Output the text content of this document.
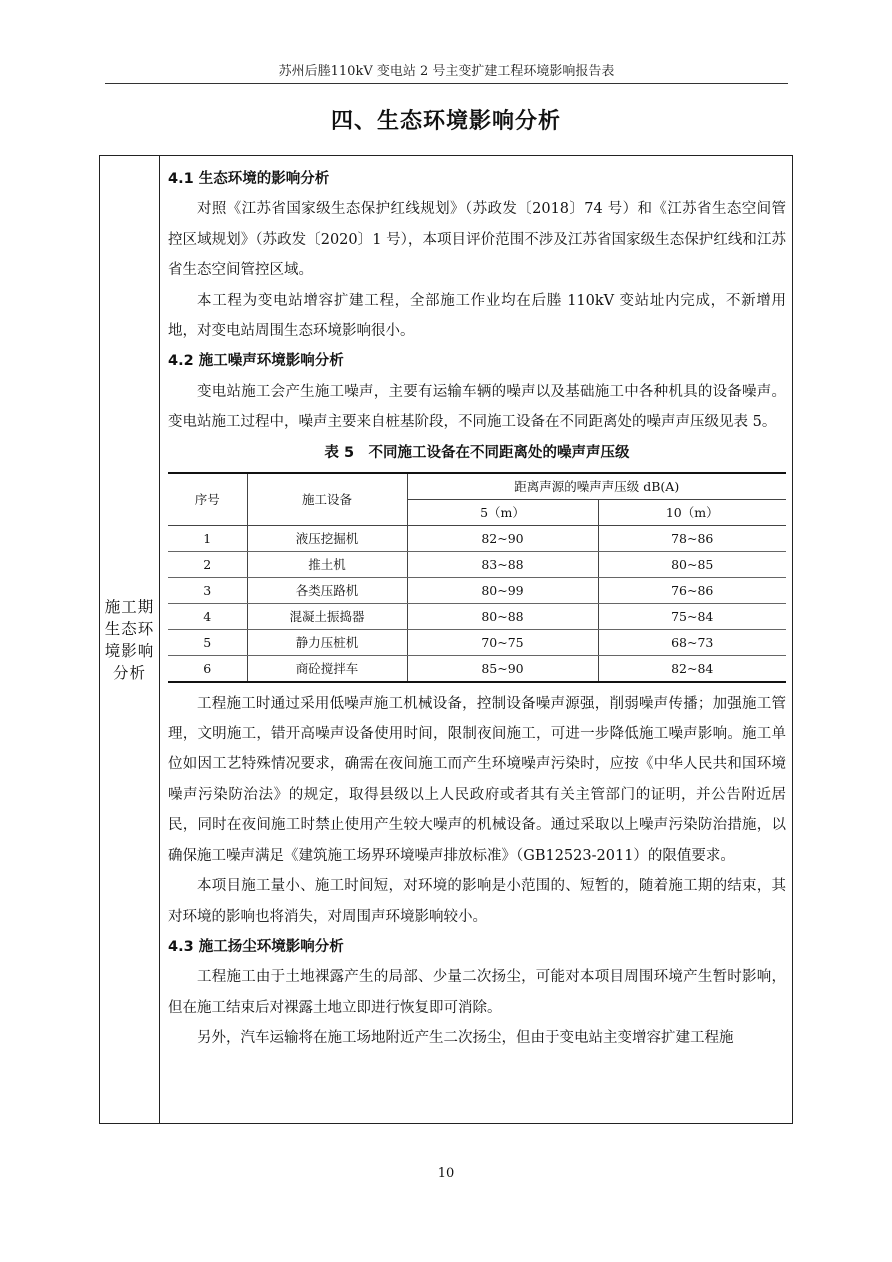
苏州后塍110kV 变电站 2 号主变扩建工程环境影响报告表
四、生态环境影响分析
施工期生态环境影响分析
4.1 生态环境的影响分析

对照《江苏省国家级生态保护红线规划》（苏政发〔2018〕74 号）和《江苏省生态空间管控区域规划》（苏政发〔2020〕1 号），本项目评价范围不涉及江苏省国家级生态保护红线和江苏省生态空间管控区域。

本工程为变电站增容扩建工程，全部施工作业均在后塍 110kV 变站址内完成，不新增用地，对变电站周围生态环境影响很小。

4.2 施工噪声环境影响分析

变电站施工会产生施工噪声，主要有运输车辆的噪声以及基础施工中各种机具的设备噪声。变电站施工过程中，噪声主要来自桩基阶段，不同施工设备在不同距离处的噪声声压级见表 5。

表 5　不同施工设备在不同距离处的噪声声压级

序号	施工设备	距离声源的噪声声压级 dB(A)	
		5（m）	10（m）
1	液压挖掘机	82~90	78~86
2	推土机	83~88	80~85
3	各类压路机	80~99	76~86
4	混凝土振捣器	80~88	75~84
5	静力压桩机	70~75	68~73
6	商砼搅拌车	85~90	82~84

工程施工时通过采用低噪声施工机械设备，控制设备噪声源强，削弱噪声传播；加强施工管理，文明施工，错开高噪声设备使用时间，限制夜间施工，可进一步降低施工噪声影响。施工单位如因工艺特殊情况要求，确需在夜间施工而产生环境噪声污染时，应按《中华人民共和国环境噪声污染防治法》的规定，取得县级以上人民政府或者其有关主管部门的证明，并公告附近居民，同时在夜间施工时禁止使用产生较大噪声的机械设备。通过采取以上噪声污染防治措施，以确保施工噪声满足《建筑施工场界环境噪声排放标准》（GB12523-2011）的限值要求。

本项目施工量小、施工时间短，对环境的影响是小范围的、短暂的，随着施工期的结束，其对环境的影响也将消失，对周围声环境影响较小。

4.3 施工扬尘环境影响分析

工程施工由于土地裸露产生的局部、少量二次扬尘，可能对本项目周围环境产生暂时影响，但在施工结束后对裸露土地立即进行恢复即可消除。

另外，汽车运输将在施工场地附近产生二次扬尘，但由于变电站主变增容扩建工程施

10
